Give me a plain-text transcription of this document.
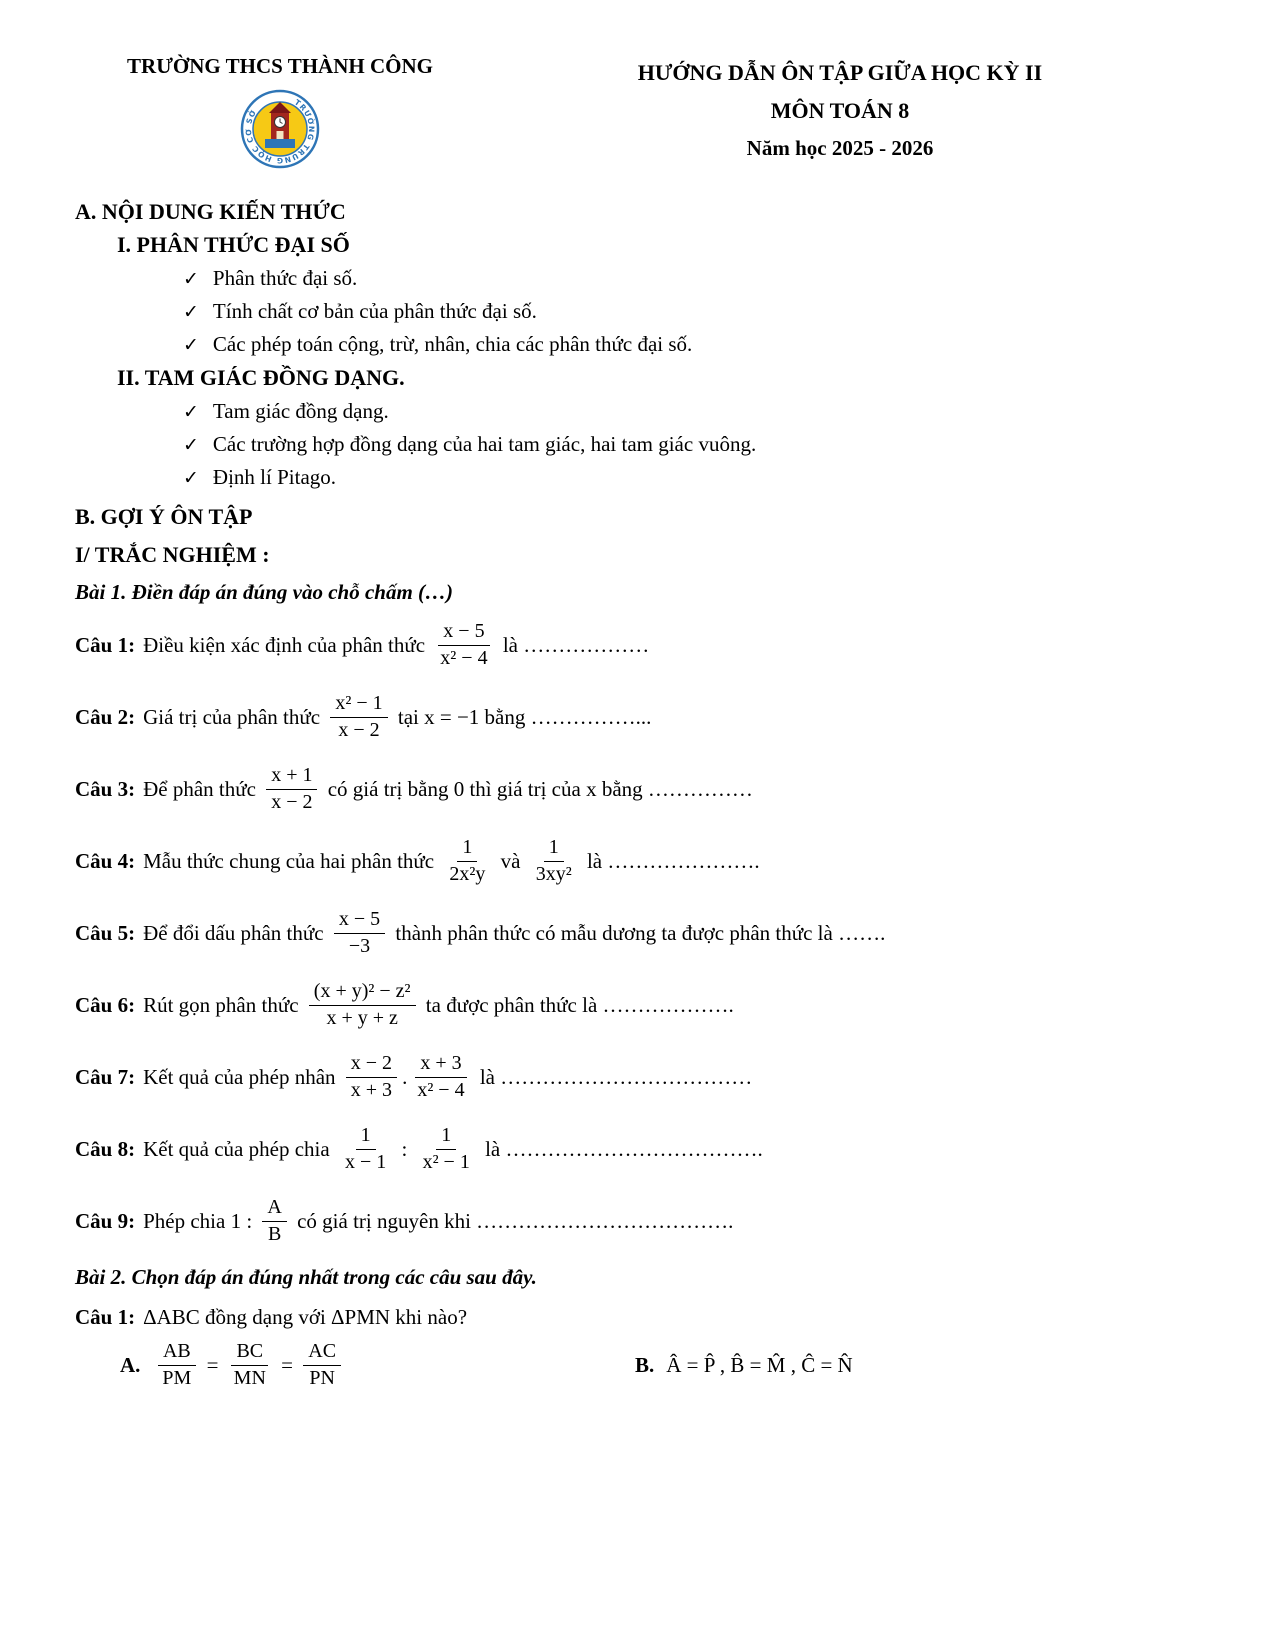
TRƯỜNG THCS THÀNH CÔNG
TRƯỜNG TRUNG HỌC CƠ SỞ
HƯỚNG DẪN ÔN TẬP GIỮA HỌC KỲ II
MÔN TOÁN 8
Năm học 2025 - 2026
A. NỘI DUNG KIẾN THỨC
I. PHÂN THỨC ĐẠI SỐ
✓ Phân thức đại số.
✓ Tính chất cơ bản của phân thức đại số.
✓ Các phép toán cộng, trừ, nhân, chia các phân thức đại số.
II. TAM GIÁC ĐỒNG DẠNG.
✓ Tam giác đồng dạng.
✓ Các trường hợp đồng dạng của hai tam giác, hai tam giác vuông.
✓ Định lí Pitago.
B. GỢI Ý ÔN TẬP
I/ TRẮC NGHIỆM :
Bài 1. Điền đáp án đúng vào chỗ chấm (…)
Câu 1: Điều kiện xác định của phân thức $\frac{x - 5}{\text{x² − 4}}$ là ………………
Câu 2: Giá trị của phân thức $\frac{\text{x² − 1}}{x - 2}$ tại x = −1 bằng ……………...
Câu 3: Để phân thức $\frac{x + 1}{x - 2}$ có giá trị bằng 0 thì giá trị của x bằng ……………
Câu 4: Mẫu thức chung của hai phân thức $\frac{1}{\text{2x²y}}$ và $\frac{1}{\text{3xy²}}$ là ………………….
Câu 5: Để đổi dấu phân thức $\frac{x - 5}{-3}$ thành phân thức có mẫu dương ta được phân thức là …….
Câu 6: Rút gọn phân thức $\frac{\text{(x + y)² − z²}}{x + y + z}$ ta được phân thức là ……………….
Câu 7: Kết quả của phép nhân $\frac{x - 2}{x + 3}$ . $\frac{x + 3}{\text{x² − 4}}$ là ………………………………
Câu 8: Kết quả của phép chia $\frac{1}{x - 1}$ : $\frac{1}{\text{x² − 1}}$ là ……………………………….
Câu 9: Phép chia 1 : $\frac{A}{B}$ có giá trị nguyên khi ……………………………….
Bài 2. Chọn đáp án đúng nhất trong các câu sau đây.
Câu 1: ΔABC đồng dạng với ΔPMN khi nào?
A. $\frac{AB}{PM} = \frac{BC}{MN} = \frac{AC}{PN}$	B. Â = P̂ , B̂ = M̂ , Ĉ = N̂
